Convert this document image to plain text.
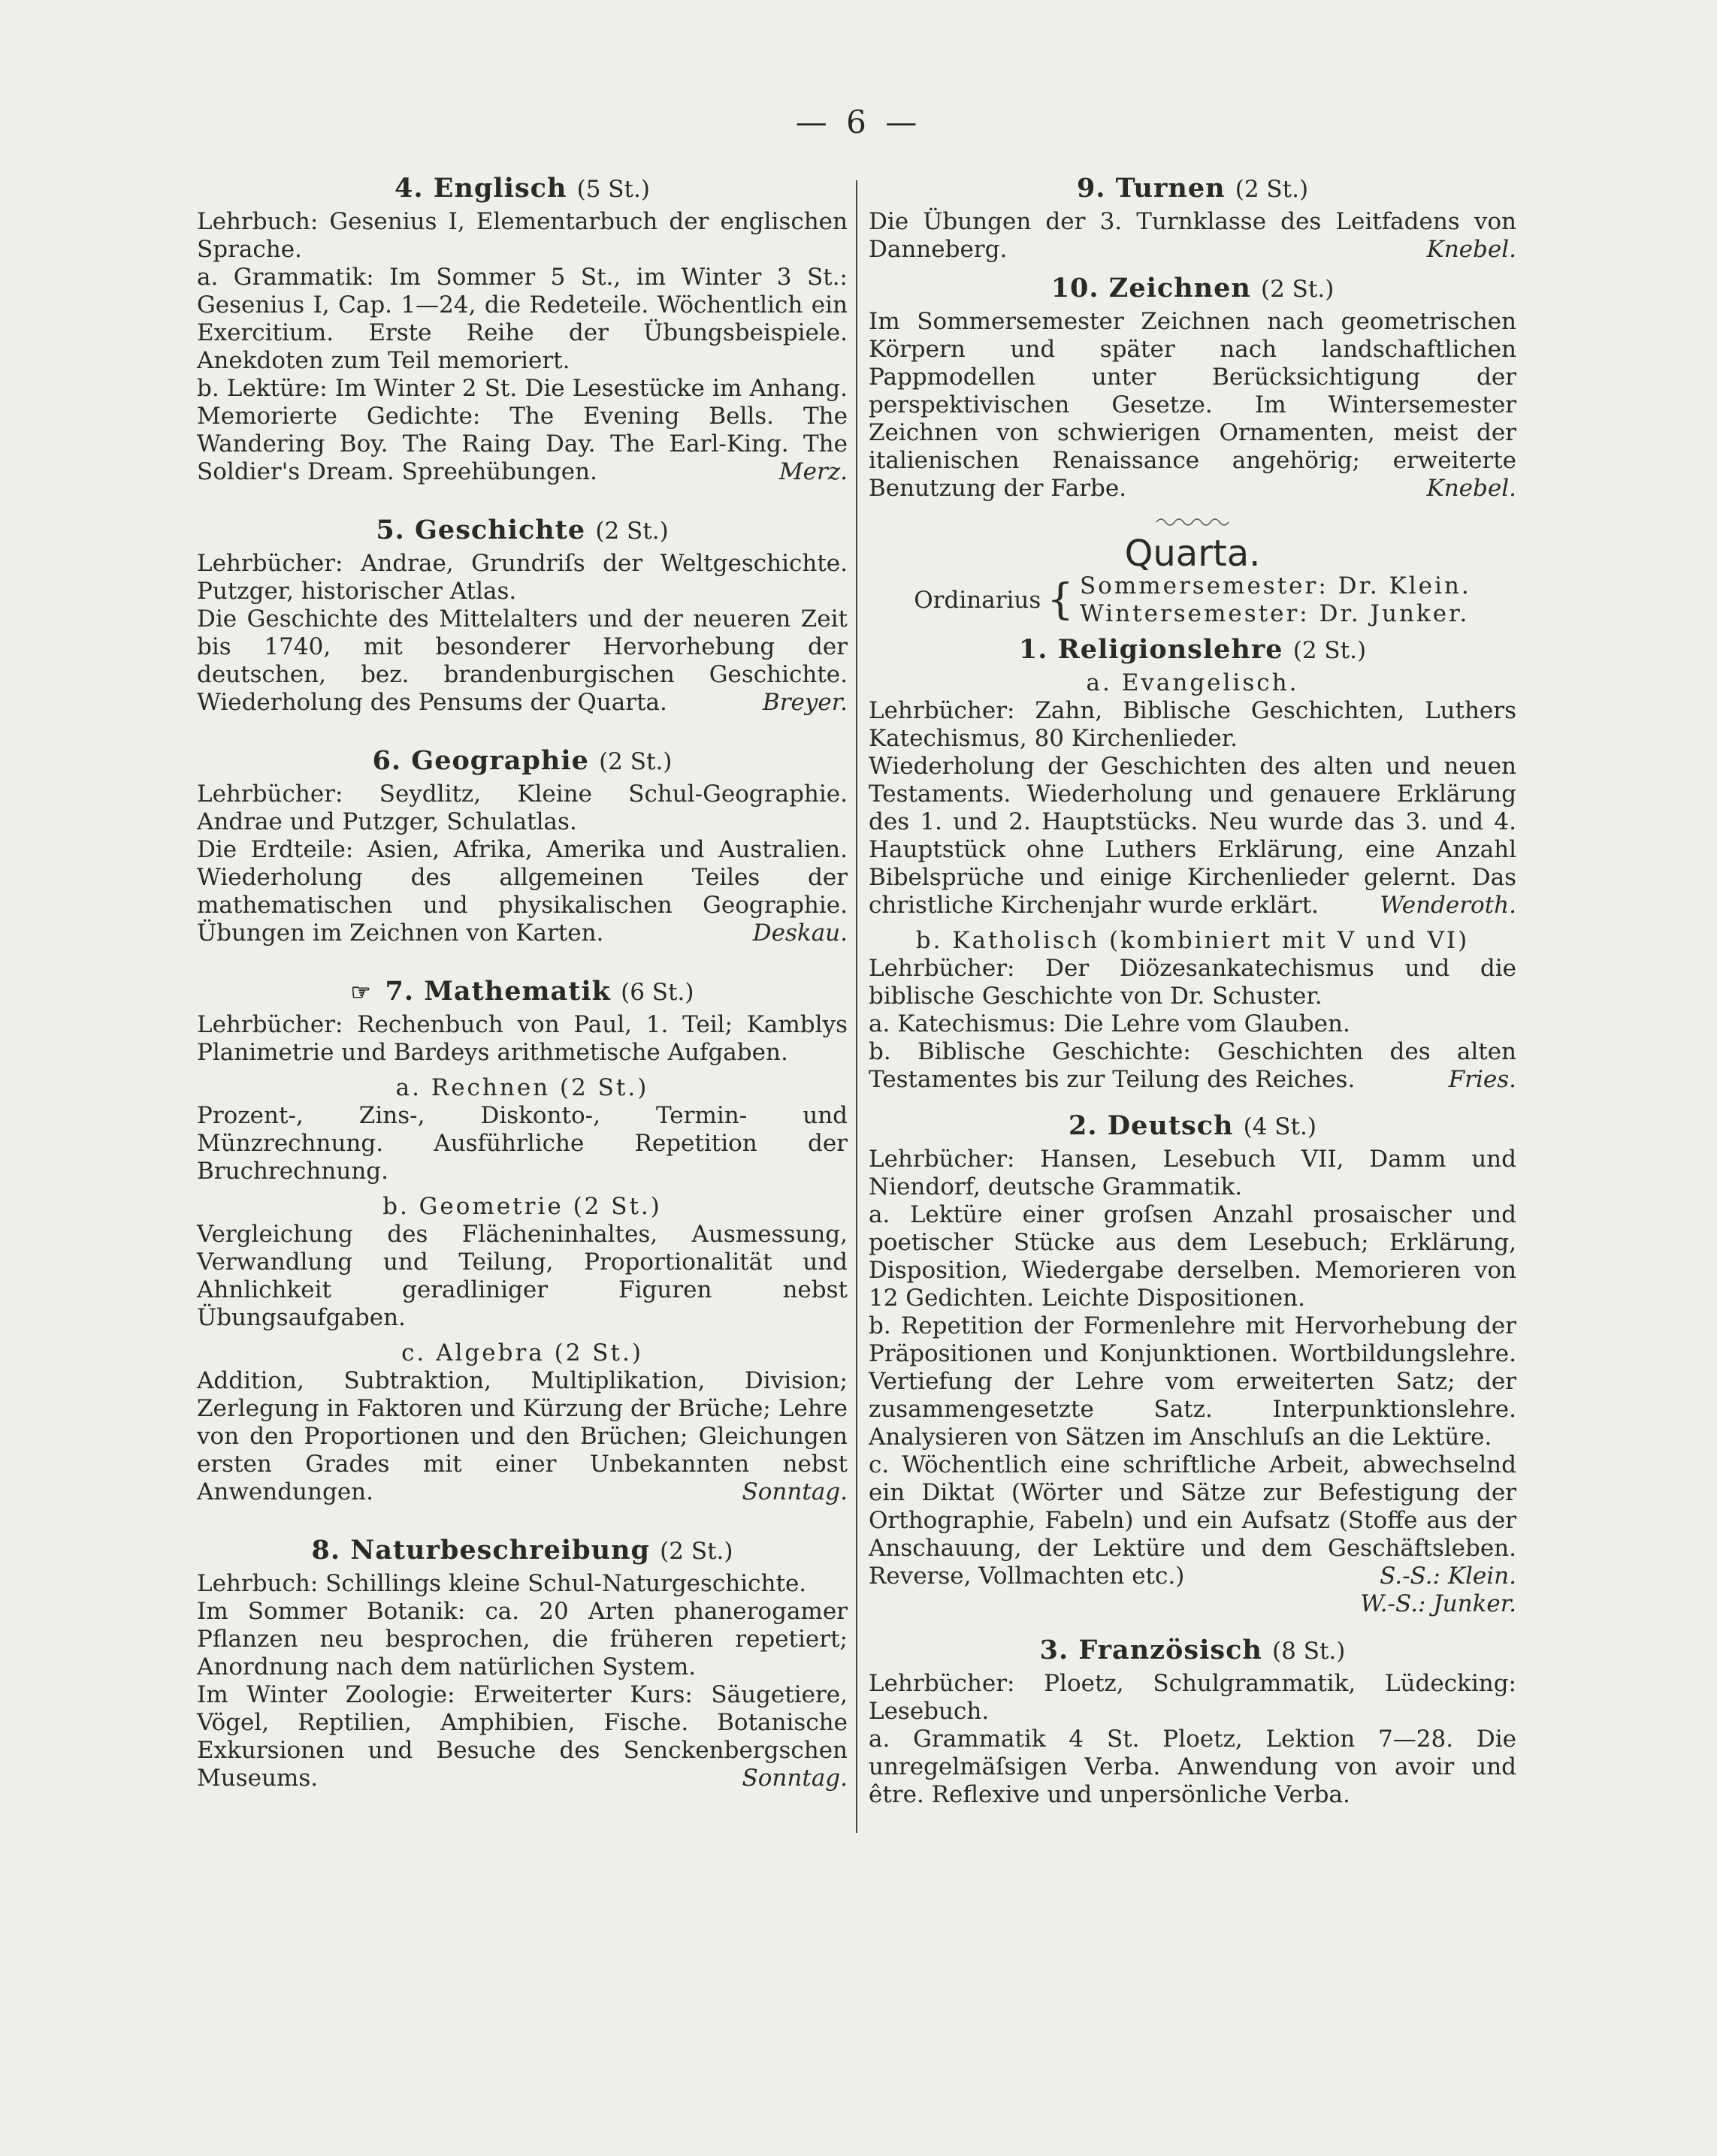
— 6 —
4. Englisch (5 St.)

Lehrbuch: Gesenius I, Elementarbuch der englischen Sprache.

a. Grammatik: Im Sommer 5 St., im Winter 3 St.: Gesenius I, Cap. 1—24, die Redeteile. Wöchentlich ein Exercitium. Erste Reihe der Übungsbeispiele. Anekdoten zum Teil memoriert.

b. Lektüre: Im Winter 2 St. Die Lesestücke im Anhang. Memorierte Gedichte: The Evening Bells. The Wandering Boy. The Raing Day. The Earl-King. The Soldier's Dream. Spreehübungen.	Merz.

5. Geschichte (2 St.)

Lehrbücher: Andrae, Grundriſs der Weltgeschichte. Putzger, historischer Atlas.

Die Geschichte des Mittelalters und der neueren Zeit bis 1740, mit besonderer Hervorhebung der deutschen, bez. brandenburgischen Geschichte. Wiederholung des Pensums der Quarta.	Breyer.

6. Geographie (2 St.)

Lehrbücher: Seydlitz, Kleine Schul-Geographie. Andrae und Putzger, Schulatlas.

Die Erdteile: Asien, Afrika, Amerika und Australien. Wiederholung des allgemeinen Teiles der mathematischen und physikalischen Geographie. Übungen im Zeichnen von Karten.	Deskau.

☞ 7. Mathematik (6 St.)

Lehrbücher: Rechenbuch von Paul, 1. Teil; Kamblys Planimetrie und Bardeys arithmetische Aufgaben.

a. Rechnen (2 St.)

Prozent-, Zins-, Diskonto-, Termin- und Münzrechnung. Ausführliche Repetition der Bruchrechnung.

b. Geometrie (2 St.)

Vergleichung des Flächeninhaltes, Ausmessung, Verwandlung und Teilung, Proportionalität und Ahnlichkeit geradliniger Figuren nebst Übungsaufgaben.

c. Algebra (2 St.)

Addition, Subtraktion, Multiplikation, Division; Zerlegung in Faktoren und Kürzung der Brüche; Lehre von den Proportionen und den Brüchen; Gleichungen ersten Grades mit einer Unbekannten nebst Anwendungen.	Sonntag.

8. Naturbeschreibung (2 St.)

Lehrbuch: Schillings kleine Schul-Naturgeschichte.

Im Sommer Botanik: ca. 20 Arten phanerogamer Pflanzen neu besprochen, die früheren repetiert; Anordnung nach dem natürlichen System.

Im Winter Zoologie: Erweiterter Kurs: Säugetiere, Vögel, Reptilien, Amphibien, Fische. Botanische Exkursionen und Besuche des Senckenbergschen Museums.	Sonntag.

9. Turnen (2 St.)

Die Übungen der 3. Turnklasse des Leitfadens von Danneberg.	Knebel.

10. Zeichnen (2 St.)

Im Sommersemester Zeichnen nach geometrischen Körpern und später nach landschaftlichen Pappmodellen unter Berücksichtigung der perspektivischen Gesetze. Im Wintersemester Zeichnen von schwierigen Ornamenten, meist der italienischen Renaissance angehörig; erweiterte Benutzung der Farbe.	Knebel.

Quarta.
Ordinarius { Sommersemester: Dr. Klein.
Wintersemester: Dr. Junker.
1. Religionslehre (2 St.)
a. Evangelisch.

Lehrbücher: Zahn, Biblische Geschichten, Luthers Katechismus, 80 Kirchenlieder.

Wiederholung der Geschichten des alten und neuen Testaments. Wiederholung und genauere Erklärung des 1. und 2. Hauptstücks. Neu wurde das 3. und 4. Hauptstück ohne Luthers Erklärung, eine Anzahl Bibelsprüche und einige Kirchenlieder gelernt. Das christliche Kirchenjahr wurde erklärt.	Wenderoth.

b. Katholisch (kombiniert mit V und VI)

Lehrbücher: Der Diözesankatechismus und die biblische Geschichte von Dr. Schuster.

a. Katechismus: Die Lehre vom Glauben.

b. Biblische Geschichte: Geschichten des alten Testamentes bis zur Teilung des Reiches.	Fries.

2. Deutsch (4 St.)

Lehrbücher: Hansen, Lesebuch VII, Damm und Niendorf, deutsche Grammatik.

a. Lektüre einer groſsen Anzahl prosaischer und poetischer Stücke aus dem Lesebuch; Erklärung, Disposition, Wiedergabe derselben. Memorieren von 12 Gedichten. Leichte Dispositionen.

b. Repetition der Formenlehre mit Hervorhebung der Präpositionen und Konjunktionen. Wortbildungslehre. Vertiefung der Lehre vom erweiterten Satz; der zusammengesetzte Satz. Interpunktionslehre. Analysieren von Sätzen im Anschluſs an die Lektüre.

c. Wöchentlich eine schriftliche Arbeit, abwechselnd ein Diktat (Wörter und Sätze zur Befestigung der Orthographie, Fabeln) und ein Aufsatz (Stoffe aus der Anschauung, der Lektüre und dem Geschäftsleben. Reverse, Vollmachten etc.)	S.-S.: Klein.

W.-S.: Junker.
3. Französisch (8 St.)

Lehrbücher: Ploetz, Schulgrammatik, Lüdecking: Lesebuch.

a. Grammatik 4 St. Ploetz, Lektion 7—28. Die unregelmäſsigen Verba. Anwendung von avoir und être. Reflexive und unpersönliche Verba.
